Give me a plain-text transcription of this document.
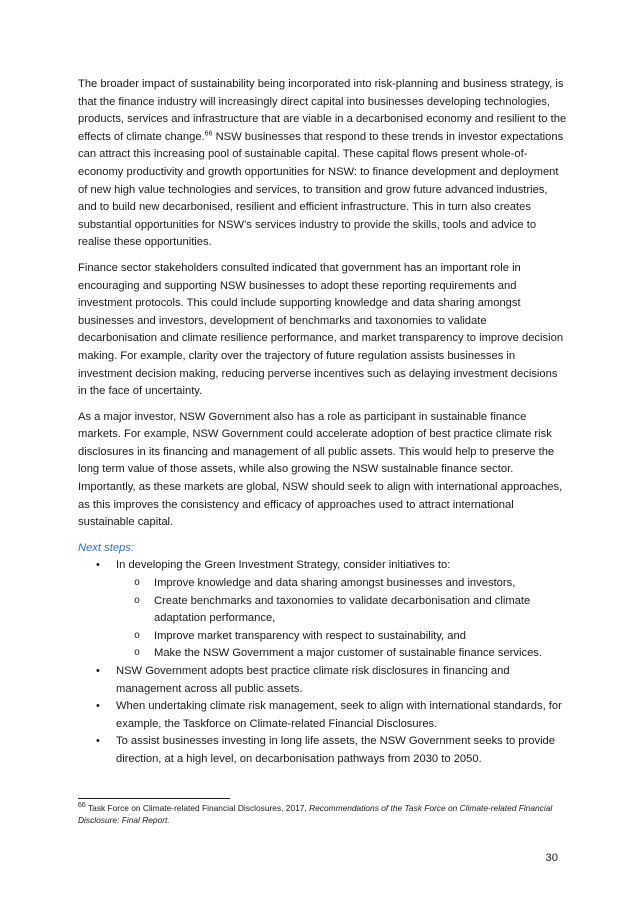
The broader impact of sustainability being incorporated into risk-planning and business strategy, is that the finance industry will increasingly direct capital into businesses developing technologies, products, services and infrastructure that are viable in a decarbonised economy and resilient to the effects of climate change.$^{66}$ NSW businesses that respond to these trends in investor expectations can attract this increasing pool of sustainable capital. These capital flows present whole-of-economy productivity and growth opportunities for NSW: to finance development and deployment of new high value technologies and services, to transition and grow future advanced industries, and to build new decarbonised, resilient and efficient infrastructure. This in turn also creates substantial opportunities for NSW’s services industry to provide the skills, tools and advice to realise these opportunities.

Finance sector stakeholders consulted indicated that government has an important role in encouraging and supporting NSW businesses to adopt these reporting requirements and investment protocols. This could include supporting knowledge and data sharing amongst businesses and investors, development of benchmarks and taxonomies to validate decarbonisation and climate resilience performance, and market transparency to improve decision making. For example, clarity over the trajectory of future regulation assists businesses in investment decision making, reducing perverse incentives such as delaying investment decisions in the face of uncertainty.

As a major investor, NSW Government also has a role as participant in sustainable finance markets. For example, NSW Government could accelerate adoption of best practice climate risk disclosures in its financing and management of all public assets. This would help to preserve the long term value of those assets, while also growing the NSW sustainable finance sector. Importantly, as these markets are global, NSW should seek to align with international approaches, as this improves the consistency and efficacy of approaches used to attract international sustainable capital.

Next steps:

• In developing the Green Investment Strategy, consider initiatives to:
o Improve knowledge and data sharing amongst businesses and investors,
o Create benchmarks and taxonomies to validate decarbonisation and climate adaptation performance,
o Improve market transparency with respect to sustainability, and
o Make the NSW Government a major customer of sustainable finance services.
• NSW Government adopts best practice climate risk disclosures in financing and management across all public assets.
• When undertaking climate risk management, seek to align with international standards, for example, the Taskforce on Climate-related Financial Disclosures.
• To assist businesses investing in long life assets, the NSW Government seeks to provide direction, at a high level, on decarbonisation pathways from 2030 to 2050.
$^{66}$ Task Force on Climate-related Financial Disclosures, 2017, Recommendations of the Task Force on Climate-related Financial Disclosure: Final Report.
30
